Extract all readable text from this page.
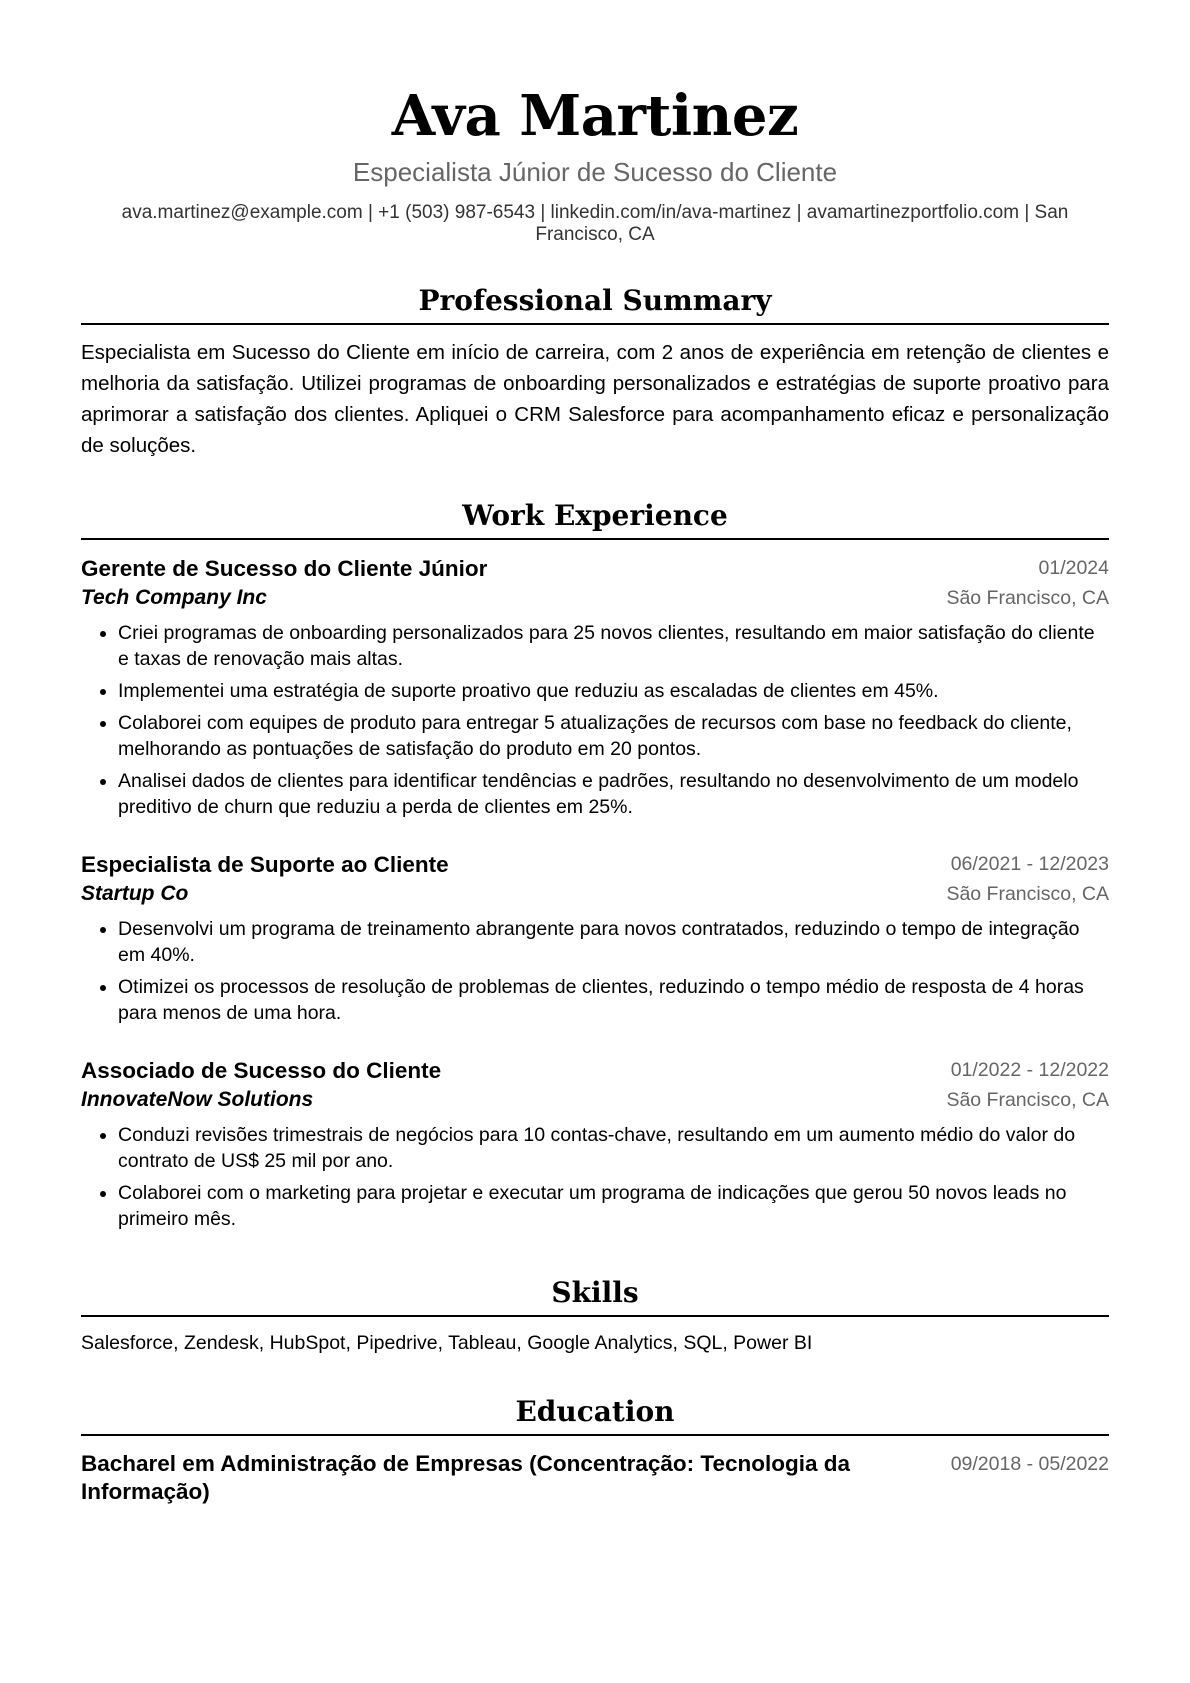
Ava Martinez
Especialista Júnior de Sucesso do Cliente
ava.martinez@example.com | +1 (503) 987-6543 | linkedin.com/in/ava-martinez | avamartinezportfolio.com | San Francisco, CA
Professional Summary
Especialista em Sucesso do Cliente em início de carreira, com 2 anos de experiência em retenção de clientes e melhoria da satisfação. Utilizei programas de onboarding personalizados e estratégias de suporte proativo para aprimorar a satisfação dos clientes. Apliquei o CRM Salesforce para acompanhamento eficaz e personalização de soluções.
Work Experience
Gerente de Sucesso do Cliente Júnior	01/2024
Tech Company Inc	São Francisco, CA
• Criei programas de onboarding personalizados para 25 novos clientes, resultando em maior satisfação do cliente e taxas de renovação mais altas.
• Implementei uma estratégia de suporte proativo que reduziu as escaladas de clientes em 45%.
• Colaborei com equipes de produto para entregar 5 atualizações de recursos com base no feedback do cliente, melhorando as pontuações de satisfação do produto em 20 pontos.
• Analisei dados de clientes para identificar tendências e padrões, resultando no desenvolvimento de um modelo preditivo de churn que reduziu a perda de clientes em 25%.
Especialista de Suporte ao Cliente	06/2021 - 12/2023
Startup Co	São Francisco, CA
• Desenvolvi um programa de treinamento abrangente para novos contratados, reduzindo o tempo de integração em 40%.
• Otimizei os processos de resolução de problemas de clientes, reduzindo o tempo médio de resposta de 4 horas para menos de uma hora.
Associado de Sucesso do Cliente	01/2022 - 12/2022
InnovateNow Solutions	São Francisco, CA
• Conduzi revisões trimestrais de negócios para 10 contas-chave, resultando em um aumento médio do valor do contrato de US$ 25 mil por ano.
• Colaborei com o marketing para projetar e executar um programa de indicações que gerou 50 novos leads no primeiro mês.
Skills
Salesforce, Zendesk, HubSpot, Pipedrive, Tableau, Google Analytics, SQL, Power BI
Education
Bacharel em Administração de Empresas (Concentração: Tecnologia da Informação)
09/2018 - 05/2022
